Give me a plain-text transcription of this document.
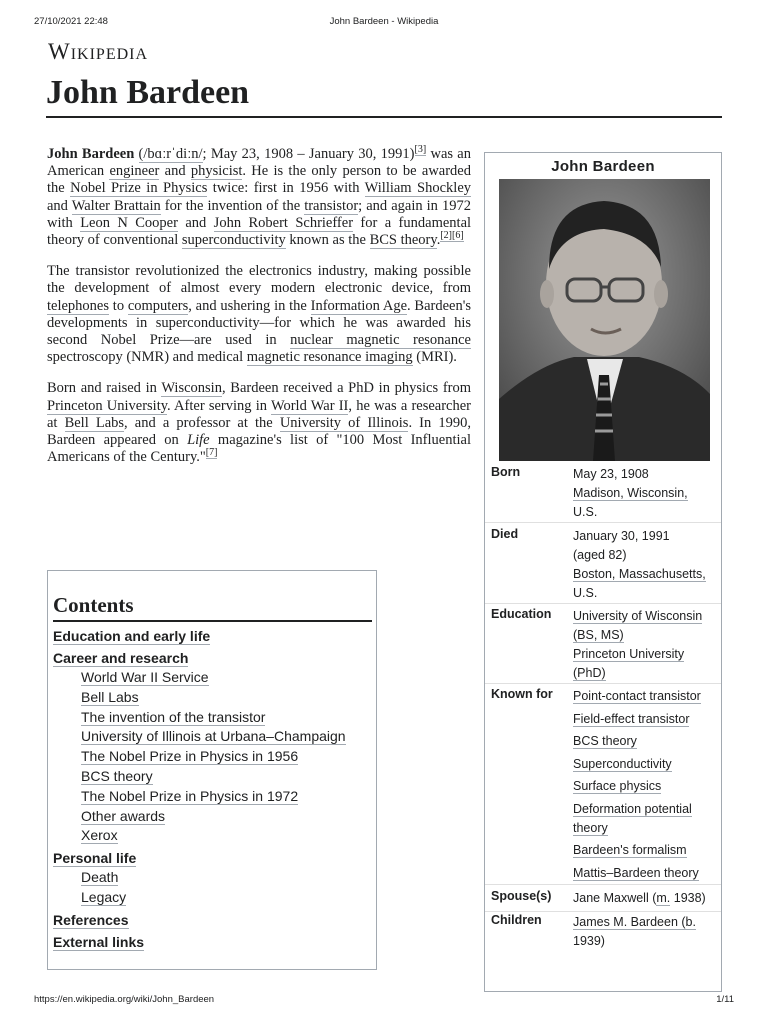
27/10/2021 22:48	John Bardeen - Wikipedia
Wikipedia
John Bardeen

John Bardeen (/bɑːrˈdiːn/; May 23, 1908 – January 30, 1991)[3] was an American engineer and physicist. He is the only person to be awarded the Nobel Prize in Physics twice: first in 1956 with William Shockley and Walter Brattain for the invention of the transistor; and again in 1972 with Leon N Cooper and John Robert Schrieffer for a fundamental theory of conventional superconductivity known as the BCS theory.[2][6]

The transistor revolutionized the electronics industry, making possible the development of almost every modern electronic device, from telephones to computers, and ushering in the Information Age. Bardeen's developments in superconductivity—for which he was awarded his second Nobel Prize—are used in nuclear magnetic resonance spectroscopy (NMR) and medical magnetic resonance imaging (MRI).

Born and raised in Wisconsin, Bardeen received a PhD in physics from Princeton University. After serving in World War II, he was a researcher at Bell Labs, and a professor at the University of Illinois. In 1990, Bardeen appeared on Life magazine's list of "100 Most Influential Americans of the Century."[7]

Contents
Education and early life
Career and research
World War II Service
Bell Labs
The invention of the transistor
University of Illinois at Urbana–Champaign
The Nobel Prize in Physics in 1956
BCS theory
The Nobel Prize in Physics in 1972
Other awards
Xerox
Personal life
Death
Legacy
References
External links
John Bardeen
Born	May 23, 1908
Madison, Wisconsin,
U.S.
Died	January 30, 1991
(aged 82)
Boston, Massachusetts,
U.S.
Education University of Wisconsin
(BS, MS)
Princeton University
(PhD)
Known for Point-contact transistor
Field-effect transistor
BCS theory
Superconductivity
Surface physics
Deformation potential theory
Bardeen's formalism
Mattis–Bardeen theory
Spouse(s) Jane Maxwell (m. 1938)
Children	James M. Bardeen (b. 1939)
https://en.wikipedia.org/wiki/John_Bardeen	1/11
